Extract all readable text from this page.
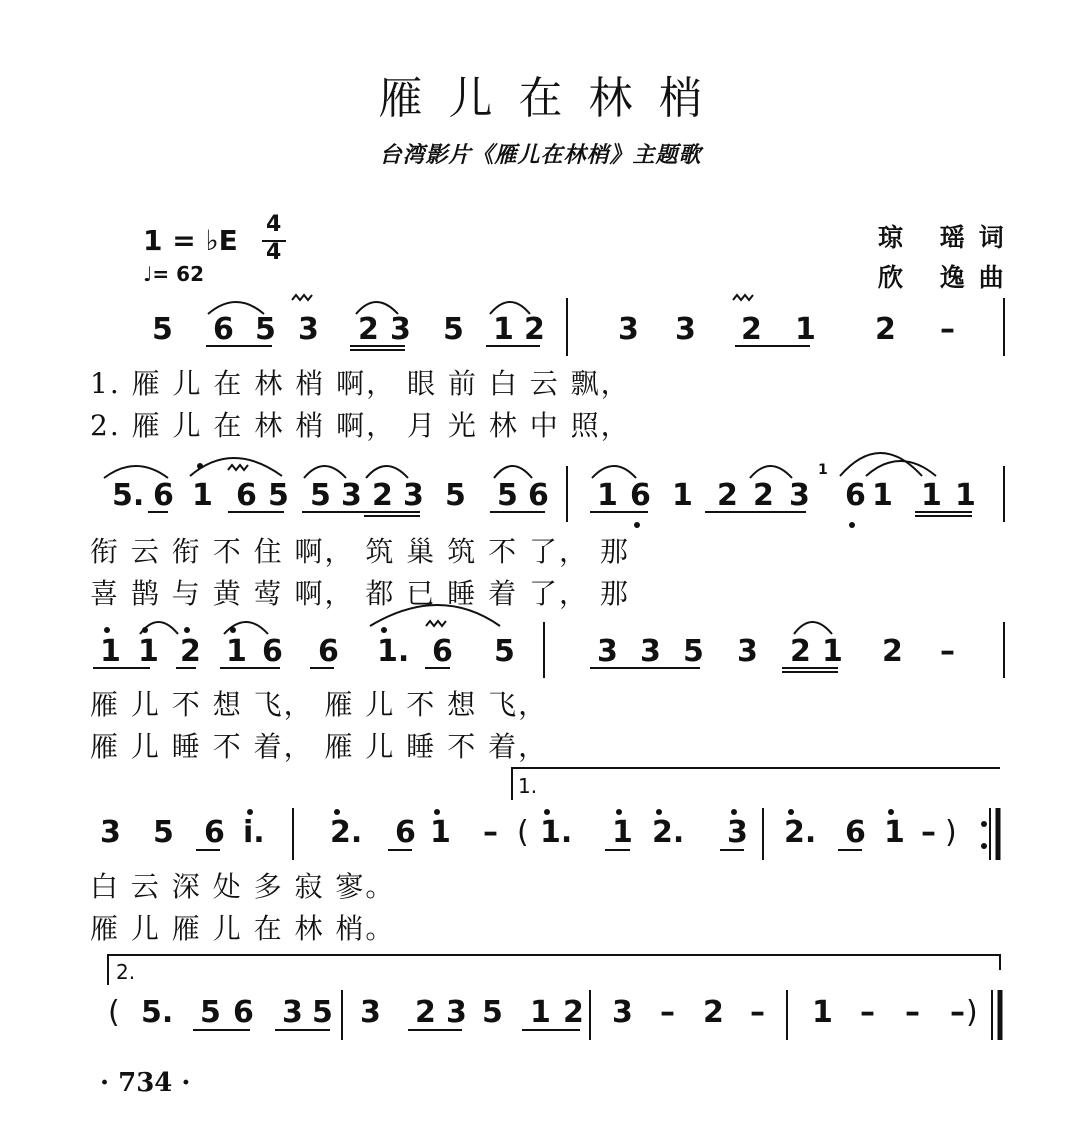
雁儿在林梢
台湾影片《雁儿在林梢》主题歌
1 = ♭E 4
4
♩= 62
琼 瑶词
欣 逸曲
5 6 5 3 2 3 5 1 2 3 3 2 1 2 –
1. 雁 儿 在 林 梢 啊， 眼 前 白 云 飘，
2. 雁 儿 在 林 梢 啊， 月 光 林 中 照，
5. 6 1 6 5 5 3 2 3 5 5 6 1 6 1 2 2 3 6 1 1 1
1
衔 云 衔 不 住 啊， 筑 巢 筑 不 了， 那
喜 鹊 与 黄 莺 啊， 都 已 睡 着 了， 那
1 1 2 1 6 6 1. 6 5	3 3 5 3 2 1 2 –
雁 儿 不 想 飞， 雁 儿 不 想 飞，
雁 儿 睡 不 着， 雁 儿 睡 不 着，
3 5 6 i. 2. 6 1 – 1. 1 2. 3 2. 6 1 –
(	)
1.
白 云 深 处 多 寂 寥。
雁 儿 雁 儿 在 林 梢。
5. 5 6 3 5 3 2 3 5 1 2 3 – 2 – 1 – – –
(	)
2.
· 734 ·
